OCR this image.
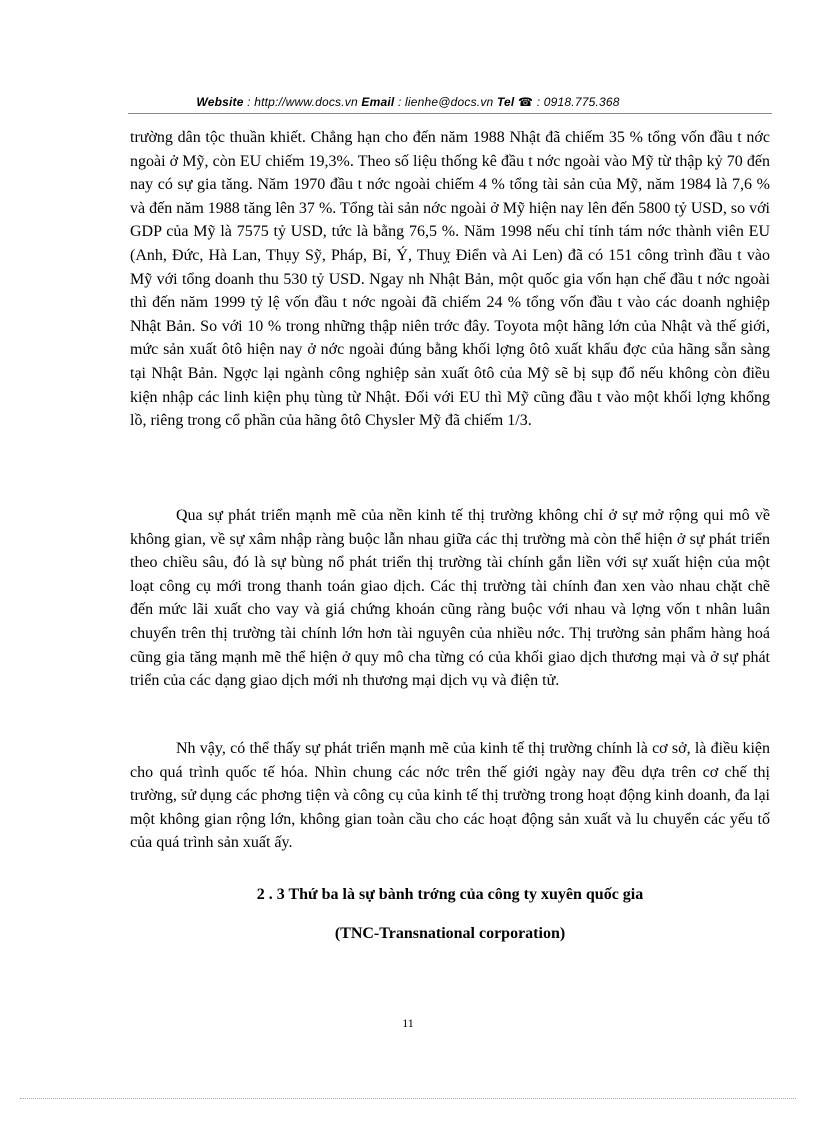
Website : http://www.docs.vn Email : lienhe@docs.vn Tel ☎ : 0918.775.368
trường dân tộc thuần khiết. Chẳng hạn cho đến năm 1988 Nhật đã chiếm 35 % tổng vốn đầu t nớc ngoài ở Mỹ, còn EU chiếm 19,3%. Theo số liệu thống kê đầu t nớc ngoài vào Mỹ từ thập kỷ 70 đến nay có sự gia tăng. Năm 1970 đầu t nớc ngoài chiếm 4 % tổng tài sản của Mỹ, năm 1984 là 7,6 % và đến năm 1988 tăng lên 37 %. Tổng tài sản nớc ngoài ở Mỹ hiện nay lên đến 5800 tỷ USD, so với GDP của Mỹ là 7575 tỷ USD, tức là bằng 76,5 %. Năm 1998 nếu chỉ tính tám nớc thành viên EU (Anh, Đức, Hà Lan, Thụy Sỹ, Pháp, Bỉ, Ý, Thuỵ Điển và Ai Len) đã có 151 công trình đầu t vào Mỹ với tổng doanh thu 530 tỷ USD. Ngay nh Nhật Bản, một quốc gia vốn hạn chế đầu t nớc ngoài thì đến năm 1999 tỷ lệ vốn đầu t nớc ngoài đã chiếm 24 % tổng vốn đầu t vào các doanh nghiệp Nhật Bản. So với 10 % trong những thập niên trớc đây. Toyota một hãng lớn của Nhật và thế giới, mức sản xuất ôtô hiện nay ở nớc ngoài đúng bằng khối lợng ôtô xuất khẩu đợc của hãng sẵn sàng tại Nhật Bản. Ngợc lại ngành công nghiệp sản xuất ôtô của Mỹ sẽ bị sụp đổ nếu không còn điều kiện nhập các linh kiện phụ tùng từ Nhật. Đối với EU thì Mỹ cũng đầu t vào một khối lợng khổng lồ, riêng trong cổ phần của hãng ôtô Chysler Mỹ đã chiếm 1/3.
Qua sự phát triển mạnh mẽ của nền kinh tế thị trường không chỉ ở sự mở rộng qui mô về không gian, về sự xâm nhập ràng buộc lẫn nhau giữa các thị trường mà còn thể hiện ở sự phát triển theo chiều sâu, đó là sự bùng nổ phát triển thị trường tài chính gắn liền với sự xuất hiện của một loạt công cụ mới trong thanh toán giao dịch. Các thị trường tài chính đan xen vào nhau chặt chẽ đến mức lãi xuất cho vay và giá chứng khoán cũng ràng buộc với nhau và lợng vốn t nhân luân chuyển trên thị trường tài chính lớn hơn tài nguyên của nhiều nớc. Thị trường sản phẩm hàng hoá cũng gia tăng mạnh mẽ thể hiện ở quy mô cha từng có của khối giao dịch thương mại và ở sự phát triển của các dạng giao dịch mới nh thương mại dịch vụ và điện tử.
Nh vậy, có thể thấy sự phát triển mạnh mẽ của kinh tế thị trường chính là cơ sở, là điều kiện cho quá trình quốc tế hóa. Nhìn chung các nớc trên thế giới ngày nay đều dựa trên cơ chế thị trường, sử dụng các phơng tiện và công cụ của kinh tế thị trường trong hoạt động kinh doanh, đa lại một không gian rộng lớn, không gian toàn cầu cho các hoạt động sản xuất và lu chuyển các yếu tố của quá trình sản xuất ấy.
2 . 3 Thứ ba là sự bành trớng của công ty xuyên quốc gia
(TNC-Transnational corporation)
11
